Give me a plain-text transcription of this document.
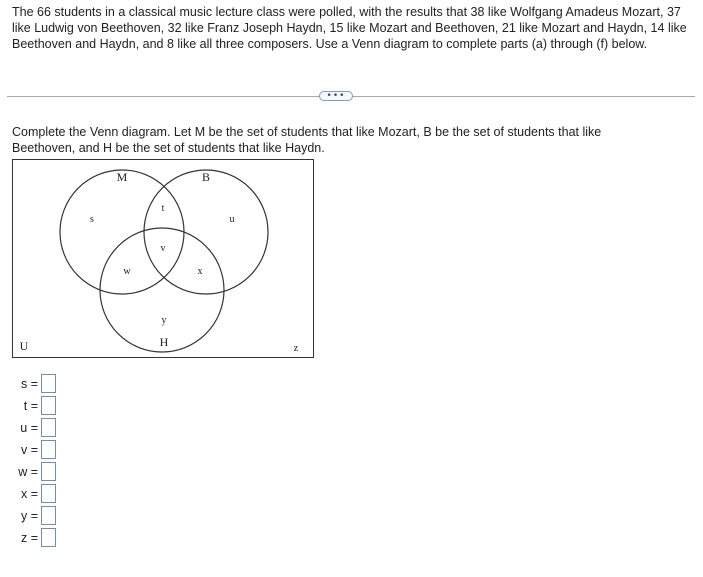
The 66 students in a classical music lecture class were polled, with the results that 38 like Wolfgang Amadeus Mozart, 37 like Ludwig von Beethoven, 32 like Franz Joseph Haydn, 15 like Mozart and Beethoven, 21 like Mozart and Haydn, 14 like Beethoven and Haydn, and 8 like all three composers. Use a Venn diagram to complete parts (a) through (f) below.

•••

Complete the Venn diagram. Let M be the set of students that like Mozart, B be the set of students that like Beethoven, and H be the set of students that like Haydn.

M	B
H
U
s
t
u
v
w	x
y
z
s =
t =
u =
v =
w =
x =
y =
z =
